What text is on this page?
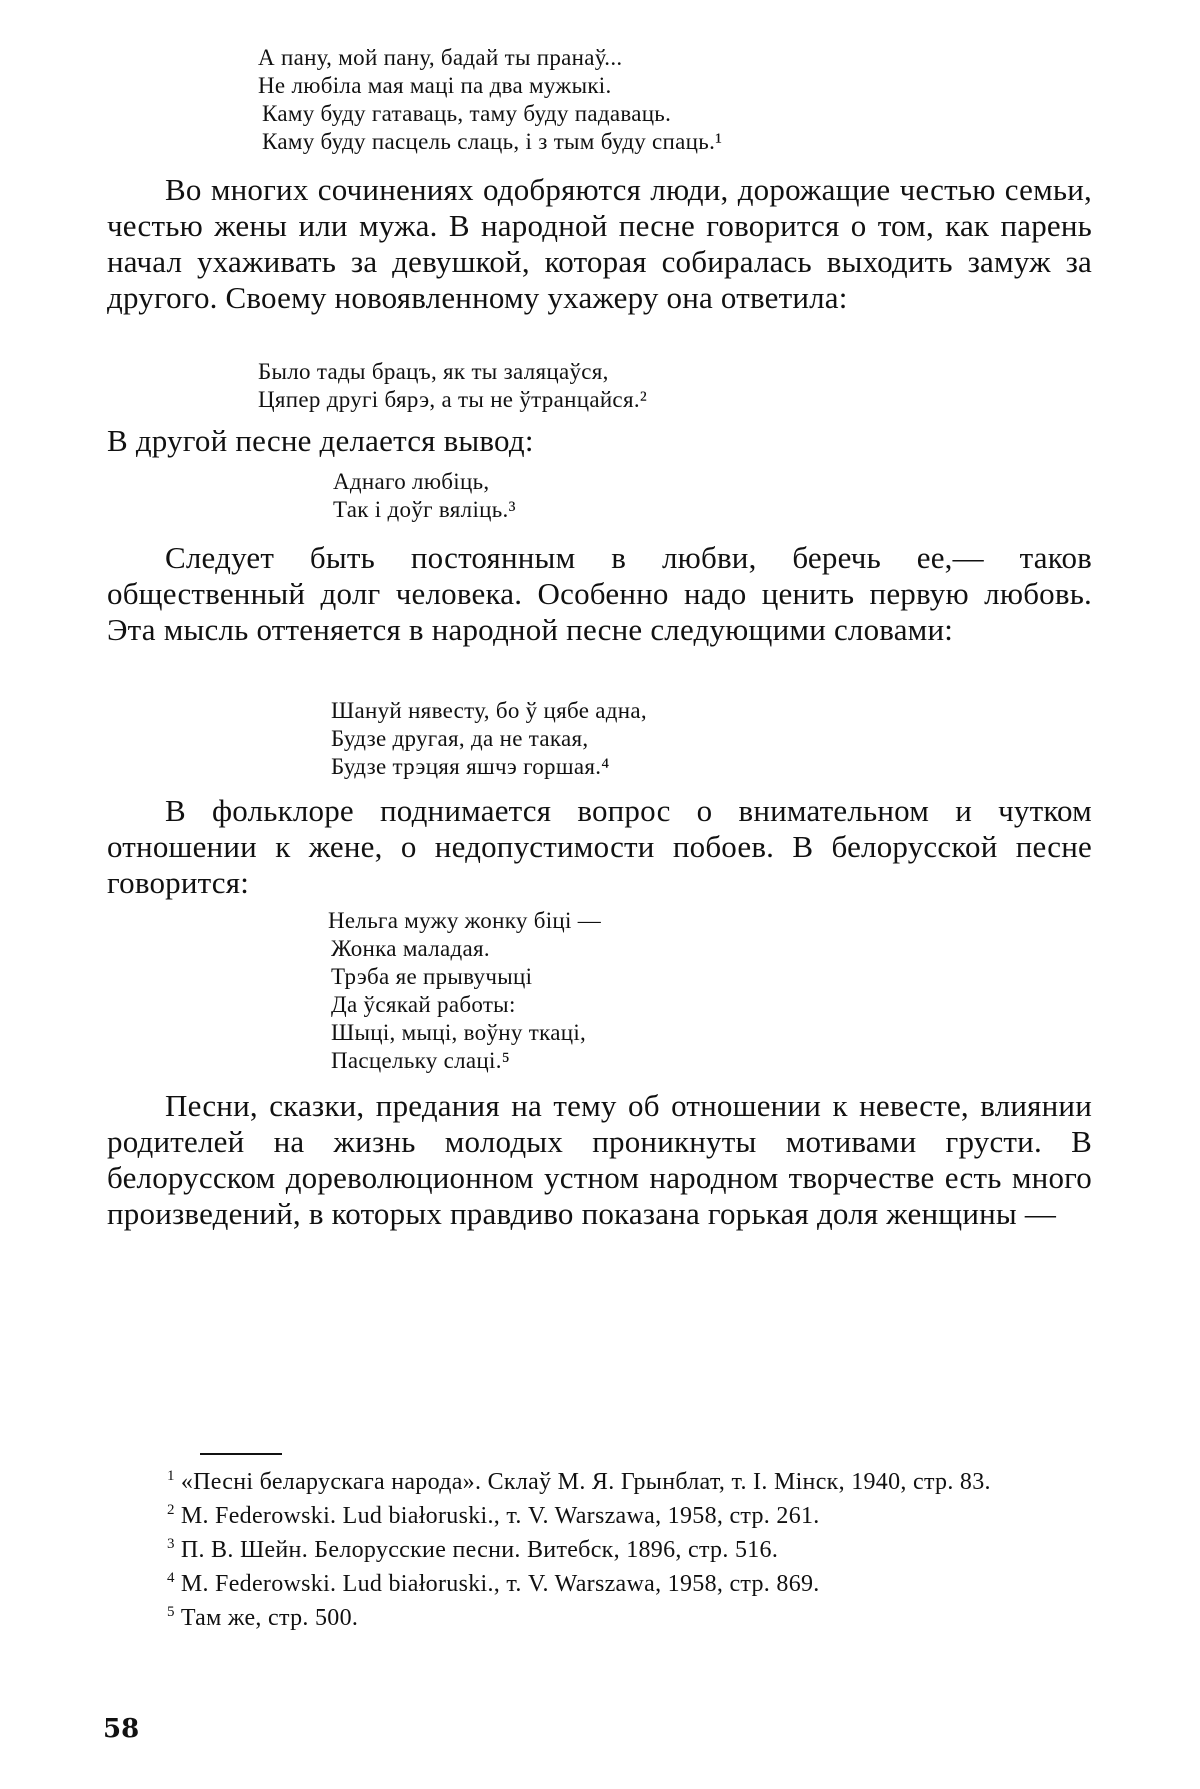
А пану, мой пану, бадай ты пранаў...
Не любіла мая маці па два мужыкі.
Каму буду гатаваць, таму буду падаваць.
Каму буду пасцель слаць, і з тым буду спаць.¹

Во многих сочинениях одобряются люди, дорожащие честью семьи, честью жены или мужа. В народной песне говорится о том, как парень начал ухаживать за девушкой, которая собиралась выходить замуж за другого. Своему новоявленному ухажеру она ответила:

Было тады брацъ, як ты заляцаўся,
Цяпер другі бярэ, а ты не ўтранцайся.²

В другой песне делается вывод:

Аднаго любіць,
Так і доўг вяліць.³

Следует быть постоянным в любви, беречь ее,— таков общественный долг человека. Особенно надо ценить первую любовь. Эта мысль оттеняется в народной песне следующими словами:

Шануй нявесту, бо ў цябе адна,
Будзе другая, да не такая,
Будзе трэцяя яшчэ горшая.⁴

В фольклоре поднимается вопрос о внимательном и чутком отношении к жене, о недопустимости побоев. В белорусской песне говорится:

Нельга мужу жонку біці —
Жонка маладая.
Трэба яе прывучыці
Да ўсякай работы:
Шыці, мыці, воўну ткаці,
Пасцельку слаці.⁵

Песни, сказки, предания на тему об отношении к невесте, влиянии родителей на жизнь молодых проникнуты мотивами грусти. В белорусском дореволюционном устном народном творчестве есть много произведений, в которых правдиво показана горькая доля женщины —

$^1$ «Песні беларускага народа». Склаў М. Я. Грынблат, т. I. Мінск, 1940, стр. 83.
$^2$ M. Federowski. Lud białoruski., т. V. Warszawa, 1958, стр. 261.
$^3$ П. В. Шейн. Белорусские песни. Витебск, 1896, стр. 516.
$^4$ M. Federowski. Lud białoruski., т. V. Warszawa, 1958, стр. 869.
$^5$ Там же, стр. 500.
58
